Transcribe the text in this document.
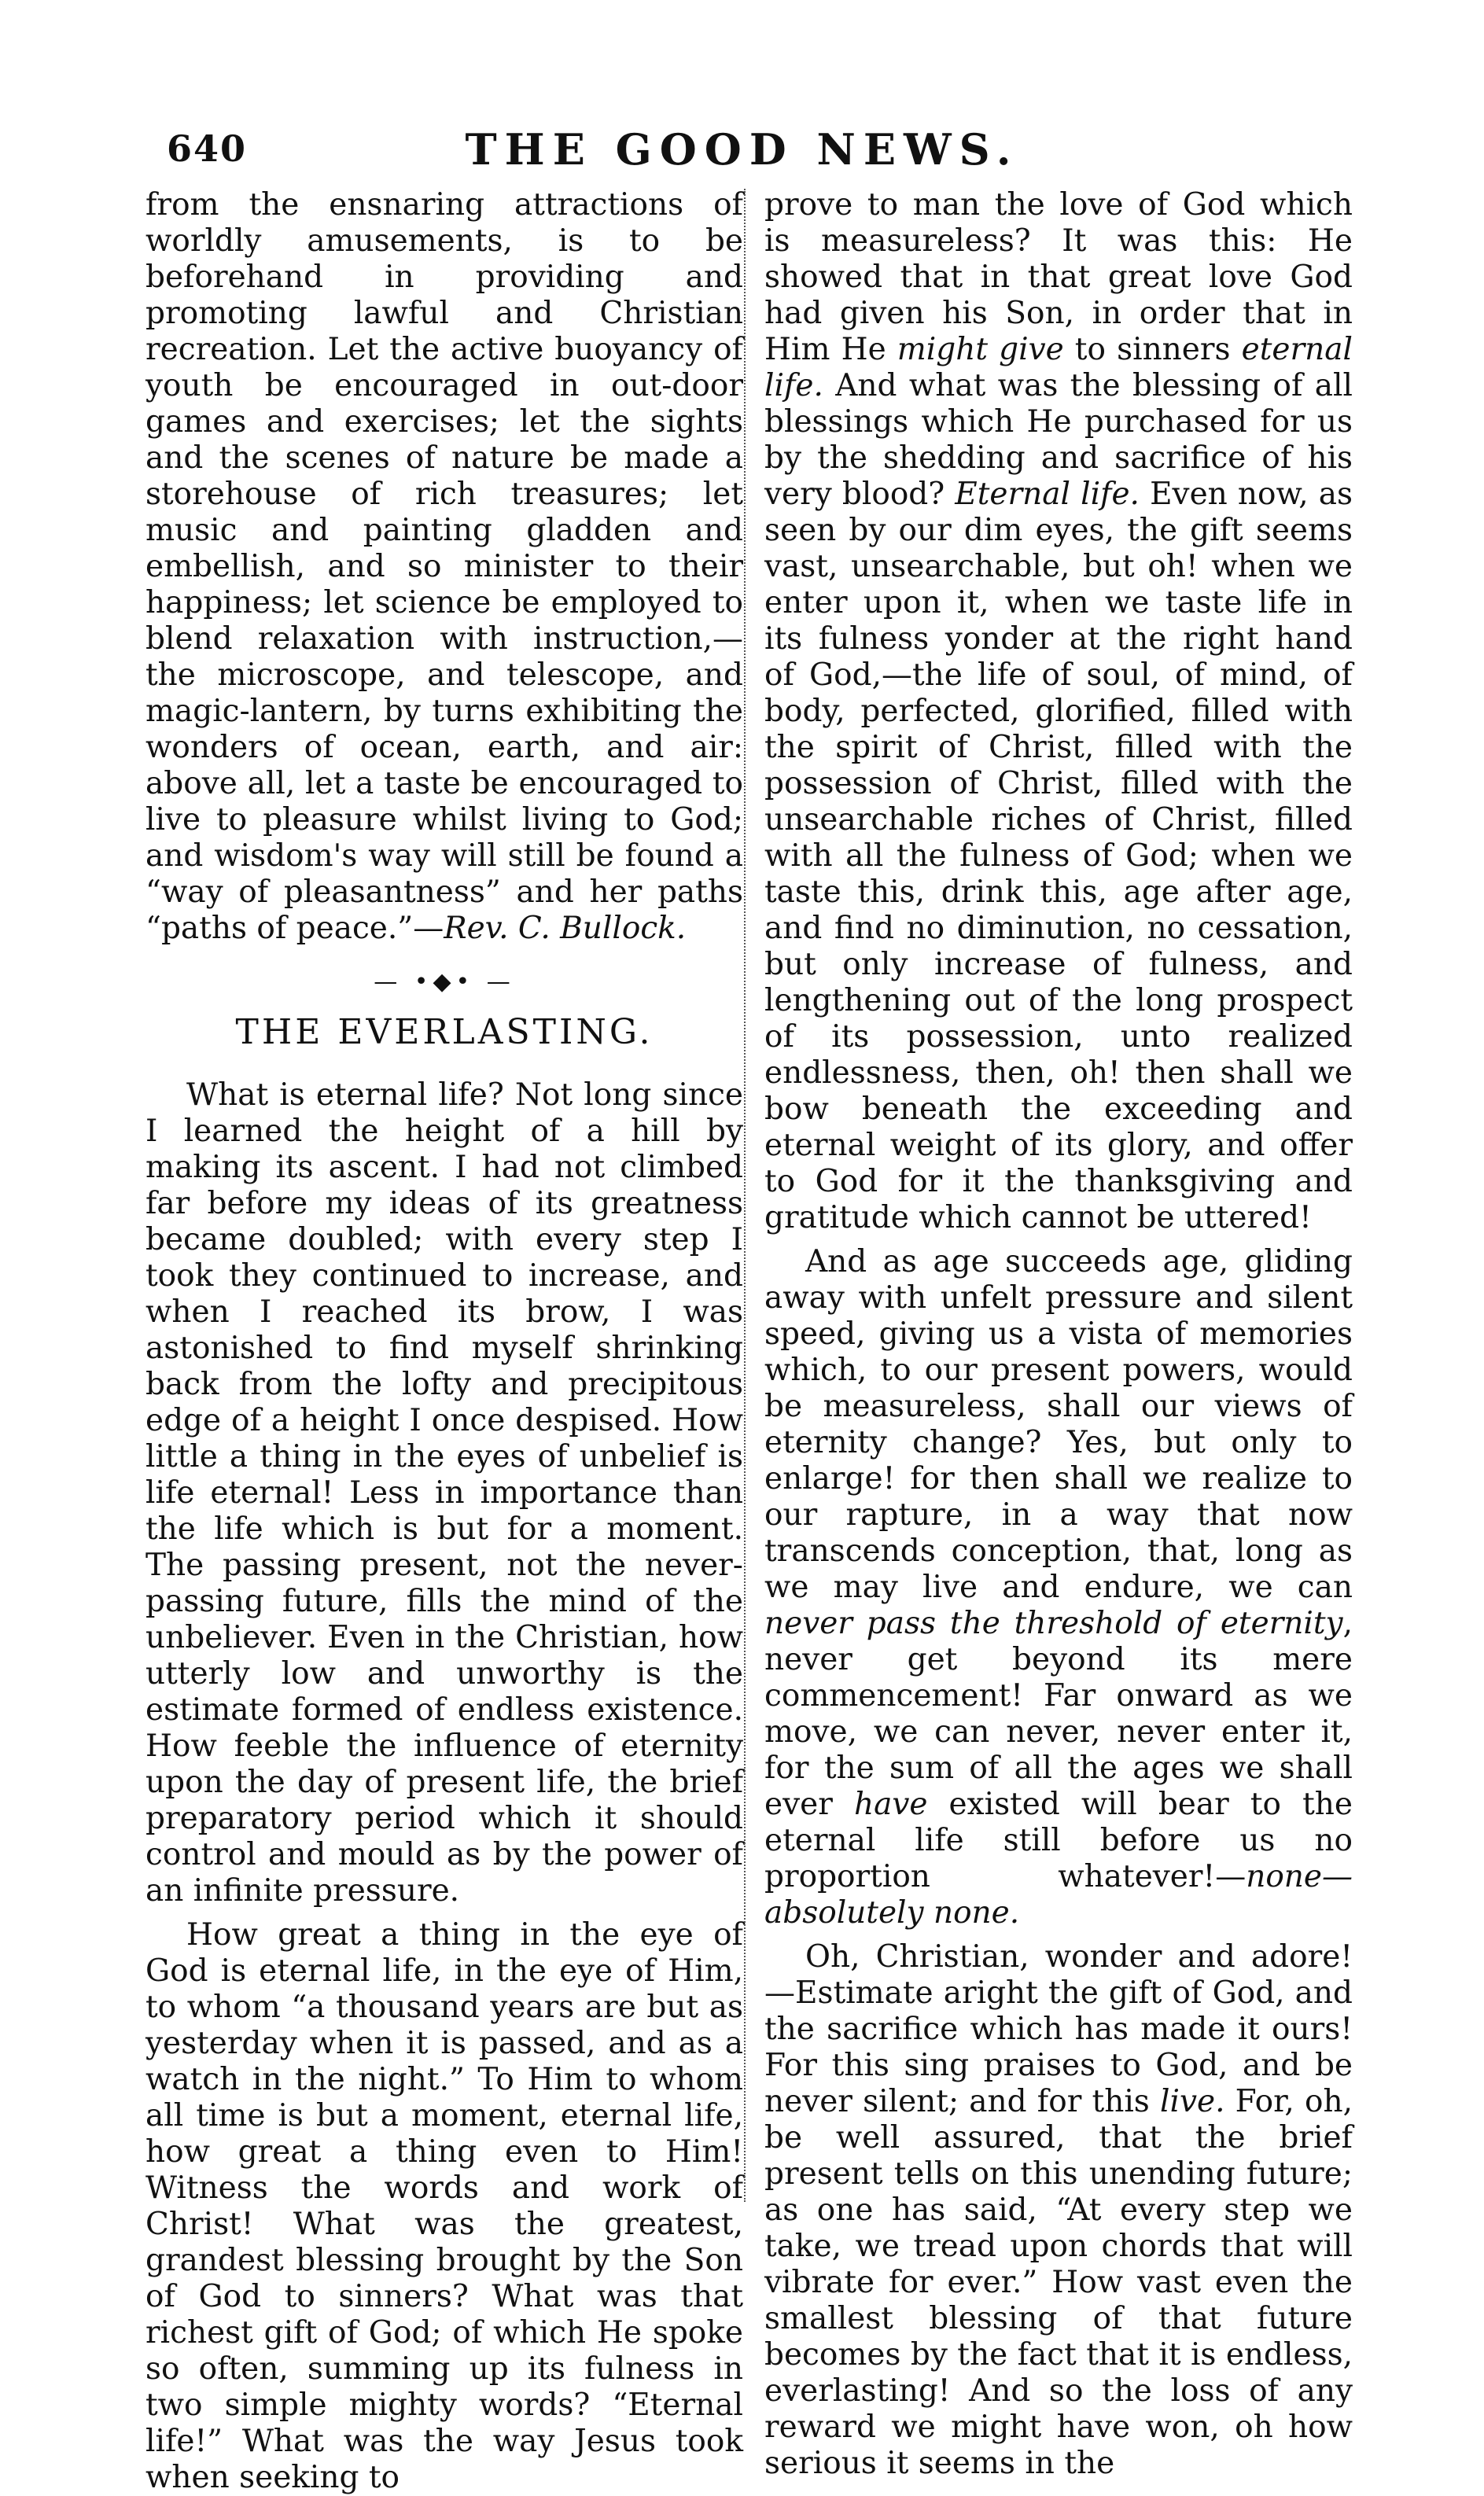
640	THE GOOD NEWS.

from the ensnaring attractions of worldly amusements, is to be beforehand in providing and promoting lawful and Christian recreation. Let the active buoyancy of youth be encouraged in out-door games and exercises; let the sights and the scenes of nature be made a storehouse of rich treasures; let music and painting gladden and embellish, and so minister to their happiness; let science be employed to blend relaxation with instruction,—the microscope, and telescope, and magic-lantern, by turns exhibiting the wonders of ocean, earth, and air: above all, let a taste be encouraged to live to pleasure whilst living to God; and wisdom's way will still be found a “way of pleasantness” and her paths “paths of peace.”—Rev. C. Bullock.

— •◆• —
THE EVERLASTING.

What is eternal life? Not long since I learned the height of a hill by making its ascent. I had not climbed far before my ideas of its greatness became doubled; with every step I took they continued to increase, and when I reached its brow, I was astonished to find myself shrinking back from the lofty and precipitous edge of a height I once despised. How little a thing in the eyes of unbelief is life eternal! Less in importance than the life which is but for a moment. The passing present, not the never-passing future, fills the mind of the unbeliever. Even in the Christian, how utterly low and unworthy is the estimate formed of endless existence. How feeble the influence of eternity upon the day of present life, the brief preparatory period which it should control and mould as by the power of an infinite pressure.

How great a thing in the eye of God is eternal life, in the eye of Him, to whom “a thousand years are but as yesterday when it is passed, and as a watch in the night.” To Him to whom all time is but a moment, eternal life, how great a thing even to Him! Witness the words and work of Christ! What was the greatest, grandest blessing brought by the Son of God to sinners? What was that richest gift of God; of which He spoke so often, summing up its fulness in two simple mighty words? “Eternal life!” What was the way Jesus took when seeking to

prove to man the love of God which is measureless? It was this: He showed that in that great love God had given his Son, in order that in Him He might give to sinners eternal life. And what was the blessing of all blessings which He purchased for us by the shedding and sacrifice of his very blood? Eternal life. Even now, as seen by our dim eyes, the gift seems vast, unsearchable, but oh! when we enter upon it, when we taste life in its fulness yonder at the right hand of God,—the life of soul, of mind, of body, perfected, glorified, filled with the spirit of Christ, filled with the possession of Christ, filled with the unsearchable riches of Christ, filled with all the fulness of God; when we taste this, drink this, age after age, and find no diminution, no cessation, but only increase of fulness, and lengthening out of the long prospect of its possession, unto realized endlessness, then, oh! then shall we bow beneath the exceeding and eternal weight of its glory, and offer to God for it the thanksgiving and gratitude which cannot be uttered!

And as age succeeds age, gliding away with unfelt pressure and silent speed, giving us a vista of memories which, to our present powers, would be measureless, shall our views of eternity change? Yes, but only to enlarge! for then shall we realize to our rapture, in a way that now transcends conception, that, long as we may live and endure, we can never pass the threshold of eternity, never get beyond its mere commencement! Far onward as we move, we can never, never enter it, for the sum of all the ages we shall ever have existed will bear to the eternal life still before us no proportion whatever!—none—absolutely none.

Oh, Christian, wonder and adore!—Estimate aright the gift of God, and the sacrifice which has made it ours! For this sing praises to God, and be never silent; and for this live. For, oh, be well assured, that the brief present tells on this unending future; as one has said, “At every step we take, we tread upon chords that will vibrate for ever.” How vast even the smallest blessing of that future becomes by the fact that it is endless, everlasting! And so the loss of any reward we might have won, oh how serious it seems in the
